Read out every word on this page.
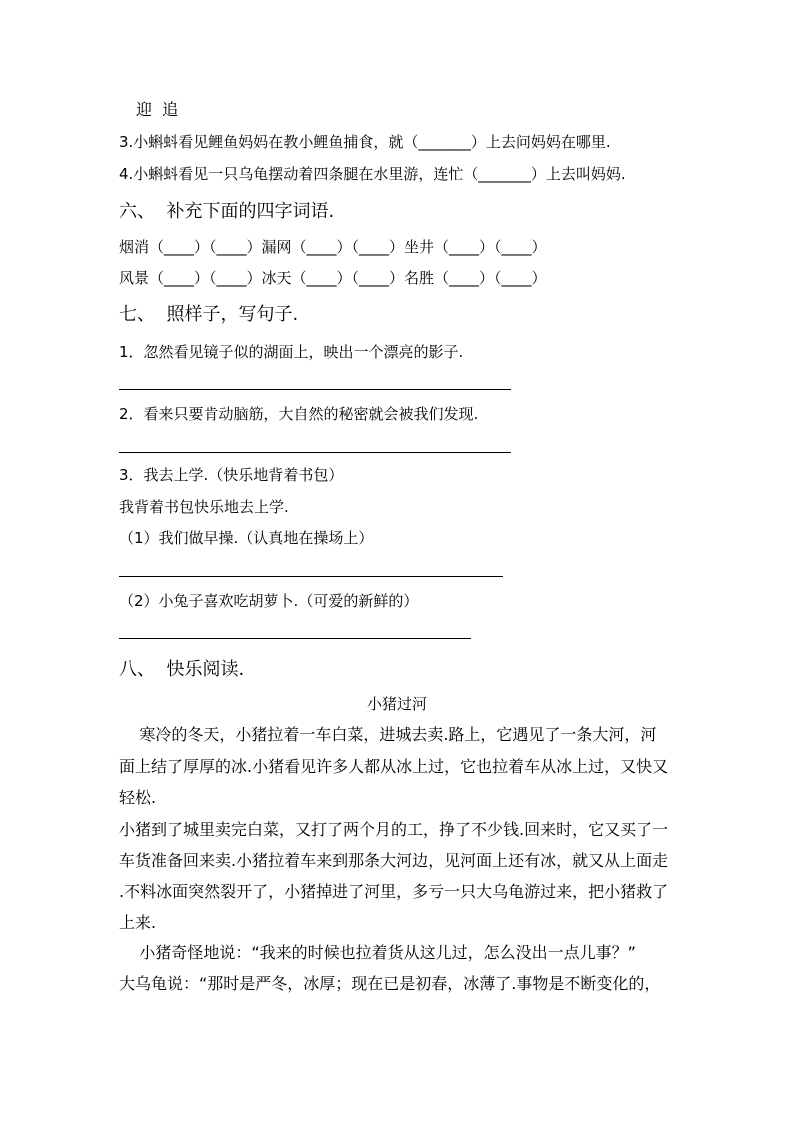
迎  追
3.小蝌蚪看见鲤鱼妈妈在教小鲤鱼捕食，就（_______）上去问妈妈在哪里.
4.小蝌蚪看见一只乌龟摆动着四条腿在水里游，连忙（_______）上去叫妈妈.
六、  补充下面的四字词语.
烟消（____）（____）漏网（____）（____）坐井（____）（____）
风景（____）（____）冰天（____）（____）名胜（____）（____）
七、  照样子，写句子.
1．忽然看见镜子似的湖面上，映出一个漂亮的影子.
2．看来只要肯动脑筋，大自然的秘密就会被我们发现.
3．我去上学.（快乐地背着书包）
我背着书包快乐地去上学.
（1）我们做早操.（认真地在操场上）
（2）小兔子喜欢吃胡萝卜.（可爱的新鲜的）
八、  快乐阅读.
小猪过河
寒冷的冬天，小猪拉着一车白菜，进城去卖.路上，它遇见了一条大河，河
面上结了厚厚的冰.小猪看见许多人都从冰上过，它也拉着车从冰上过，又快又
轻松.
小猪到了城里卖完白菜，又打了两个月的工，挣了不少钱.回来时，它又买了一
车货准备回来卖.小猪拉着车来到那条大河边，见河面上还有冰，就又从上面走
.不料冰面突然裂开了，小猪掉进了河里，多亏一只大乌龟游过来，把小猪救了
上来.
小猪奇怪地说：“我来的时候也拉着货从这儿过，怎么没出一点儿事？”
大乌龟说：“那时是严冬，冰厚；现在已是初春，冰薄了.事物是不断变化的，
